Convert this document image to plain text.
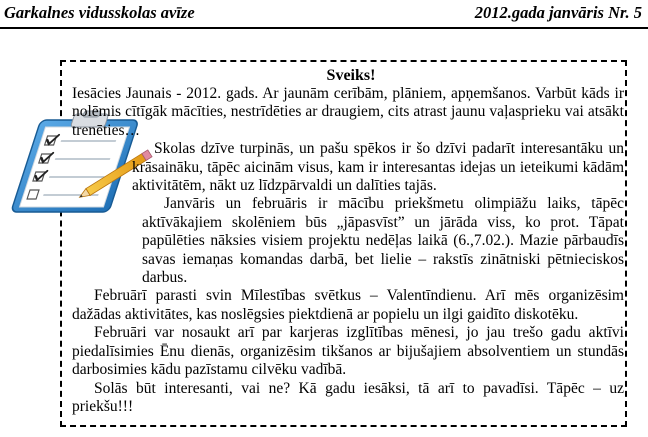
Garkalnes vidusskolas avīze	2012.gada janvāris Nr. 5
Sveiks!

Iesācies Jaunais - 2012. gads. Ar jaunām cerībām, plāniem, apņemšanos. Varbūt kāds ir nolēmis cītīgāk mācīties, nestrīdēties ar draugiem, cits atrast jaunu vaļasprieku vai atsākt trenēties…

Skolas dzīve turpinās, un pašu spēkos ir šo dzīvi padarīt interesantāku un krāsaināku, tāpēc aicinām visus, kam ir interesantas idejas un ieteikumi kādām aktivitātēm, nākt uz līdzpārvaldi un dalīties tajās.

Janvāris un februāris ir mācību priekšmetu olimpiāžu laiks, tāpēc aktīvākajiem skolēniem būs „jāpasvīst” un jārāda viss, ko prot. Tāpat papūlēties nāksies visiem projektu nedēļas laikā (6.,7.02.). Mazie pārbaudīs savas iemaņas komandas darbā, bet lielie – rakstīs zinātniski pētnieciskos darbus.

Februārī parasti svin Mīlestības svētkus – Valentīndienu. Arī mēs organizēsim dažādas aktivitātes, kas noslēgsies piektdienā ar popielu un ilgi gaidīto diskotēku.

Februāri var nosaukt arī par karjeras izglītības mēnesi, jo jau trešo gadu aktīvi piedalīsimies Ēnu dienās, organizēsim tikšanos ar bijušajiem absolventiem un stundās darbosimies kādu pazīstamu cilvēku vadībā.

Solās būt interesanti, vai ne? Kā gadu iesāksi, tā arī to pavadīsi. Tāpēc – uz priekšu!!!
